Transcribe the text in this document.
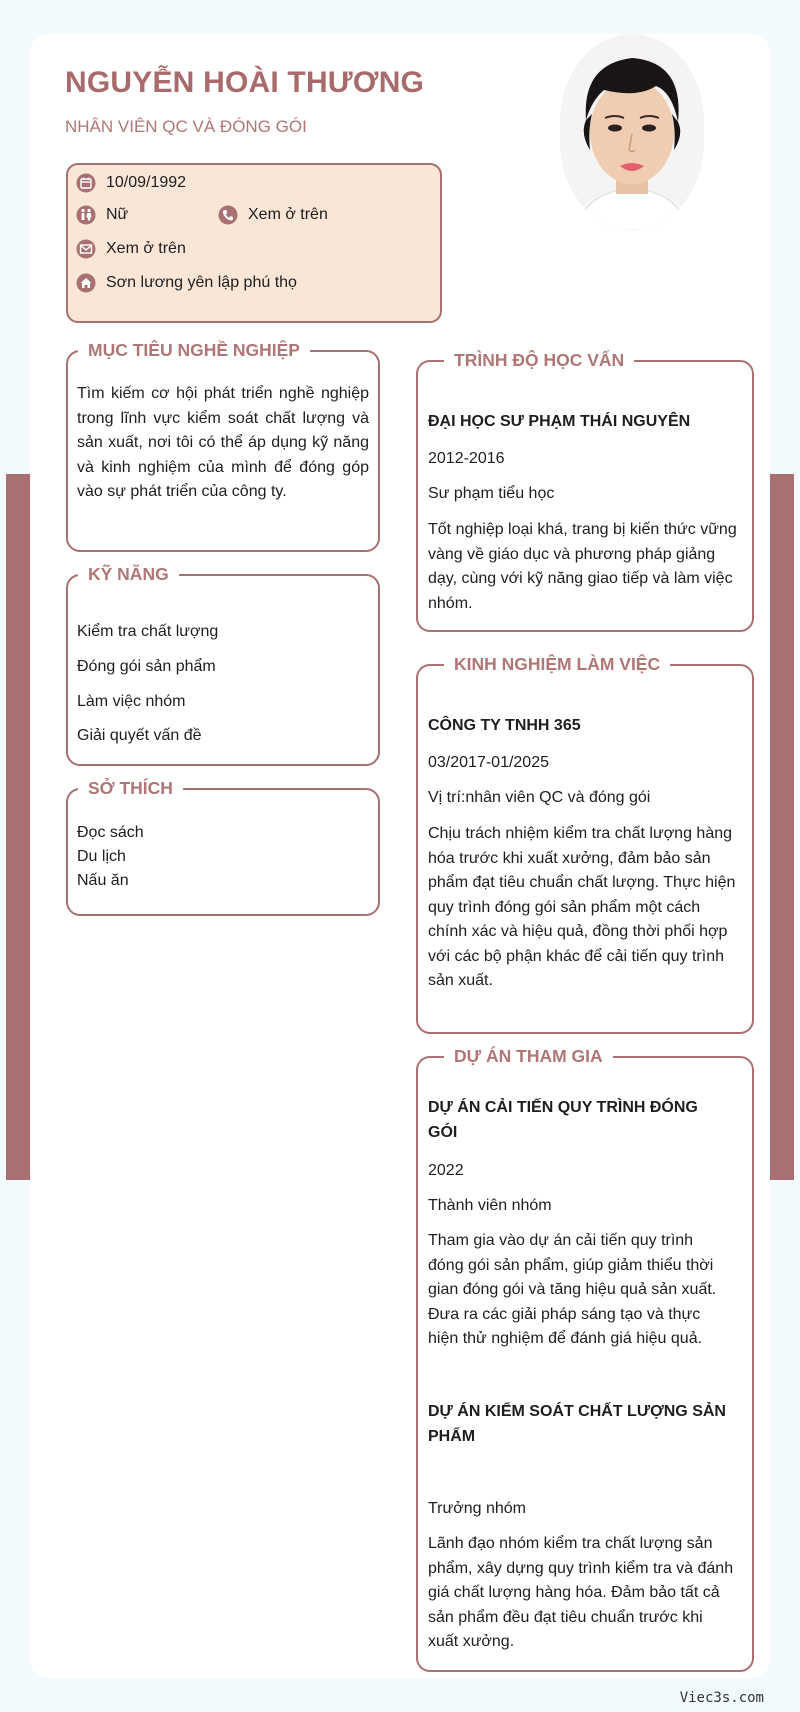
NGUYỄN HOÀI THƯƠNG
NHÂN VIÊN QC VÀ ĐÓNG GÓI
10/09/1992
Nữ	Xem ở trên
Xem ở trên
Sơn lương yên lập phú thọ
MỤC TIÊU NGHỀ NGHIỆP
Tìm kiếm cơ hội phát triển nghề nghiệp trong lĩnh vực kiểm soát chất lượng và sản xuất, nơi tôi có thể áp dụng kỹ năng và kinh nghiệm của mình để đóng góp vào sự phát triển của công ty.
KỸ NĂNG
Kiểm tra chất lượng
Đóng gói sản phẩm
Làm việc nhóm
Giải quyết vấn đề
SỞ THÍCH
Đọc sách
Du lịch
Nấu ăn
TRÌNH ĐỘ HỌC VẤN
ĐẠI HỌC SƯ PHẠM THÁI NGUYÊN
2012-2016
Sư phạm tiểu học
Tốt nghiệp loại khá, trang bị kiến thức vững vàng về giáo dục và phương pháp giảng dạy, cùng với kỹ năng giao tiếp và làm việc nhóm.
KINH NGHIỆM LÀM VIỆC
CÔNG TY TNHH 365
03/2017-01/2025
Vị trí:nhân viên QC và đóng gói
Chịu trách nhiệm kiểm tra chất lượng hàng hóa trước khi xuất xưởng, đảm bảo sản phẩm đạt tiêu chuẩn chất lượng. Thực hiện quy trình đóng gói sản phẩm một cách chính xác và hiệu quả, đồng thời phối hợp với các bộ phận khác để cải tiến quy trình sản xuất.
DỰ ÁN THAM GIA
DỰ ÁN CẢI TIẾN QUY TRÌNH ĐÓNG GÓI
2022
Thành viên nhóm
Tham gia vào dự án cải tiến quy trình đóng gói sản phẩm, giúp giảm thiểu thời gian đóng gói và tăng hiệu quả sản xuất. Đưa ra các giải pháp sáng tạo và thực hiện thử nghiệm để đánh giá hiệu quả.
DỰ ÁN KIỂM SOÁT CHẤT LƯỢNG SẢN PHẨM
Trưởng nhóm
Lãnh đạo nhóm kiểm tra chất lượng sản phẩm, xây dựng quy trình kiểm tra và đánh giá chất lượng hàng hóa. Đảm bảo tất cả sản phẩm đều đạt tiêu chuẩn trước khi xuất xưởng.
Viec3s.com
